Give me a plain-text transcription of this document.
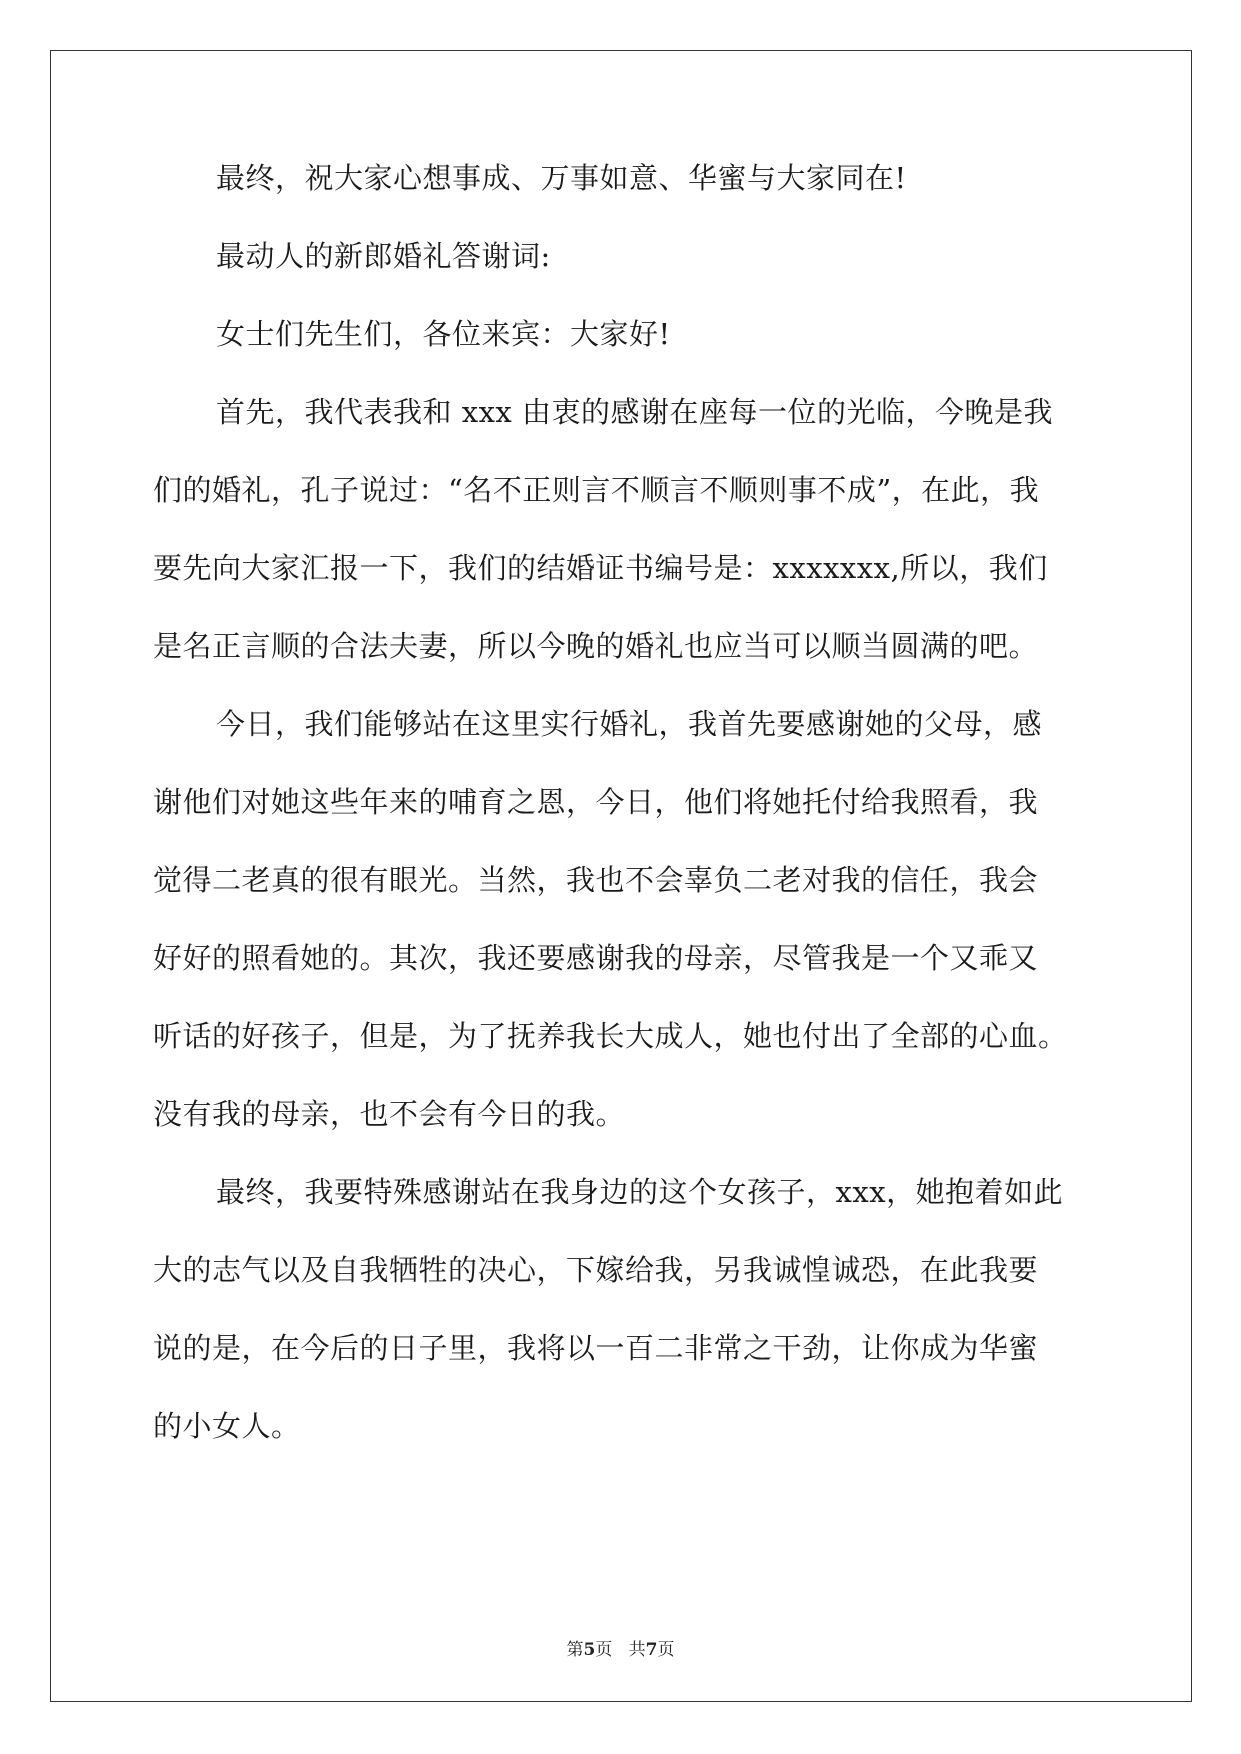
最终，祝大家心想事成、万事如意、华蜜与大家同在!
最动人的新郎婚礼答谢词:
女士们先生们，各位来宾：大家好!
首先，我代表我和 xxx 由衷的感谢在座每一位的光临，今晚是我
们的婚礼，孔子说过：“名不正则言不顺言不顺则事不成”，在此，我
要先向大家汇报一下，我们的结婚证书编号是：xxxxxxx,所以，我们
是名正言顺的合法夫妻，所以今晚的婚礼也应当可以顺当圆满的吧。
今日，我们能够站在这里实行婚礼，我首先要感谢她的父母，感
谢他们对她这些年来的哺育之恩，今日，他们将她托付给我照看，我
觉得二老真的很有眼光。当然，我也不会辜负二老对我的信任，我会
好好的照看她的。其次，我还要感谢我的母亲，尽管我是一个又乖又
听话的好孩子，但是，为了抚养我长大成人，她也付出了全部的心血。
没有我的母亲，也不会有今日的我。
最终，我要特殊感谢站在我身边的这个女孩子，xxx，她抱着如此
大的志气以及自我牺牲的决心，下嫁给我，另我诚惶诚恐，在此我要
说的是，在今后的日子里，我将以一百二非常之干劲，让你成为华蜜
的小女人。
第5页 共7页
